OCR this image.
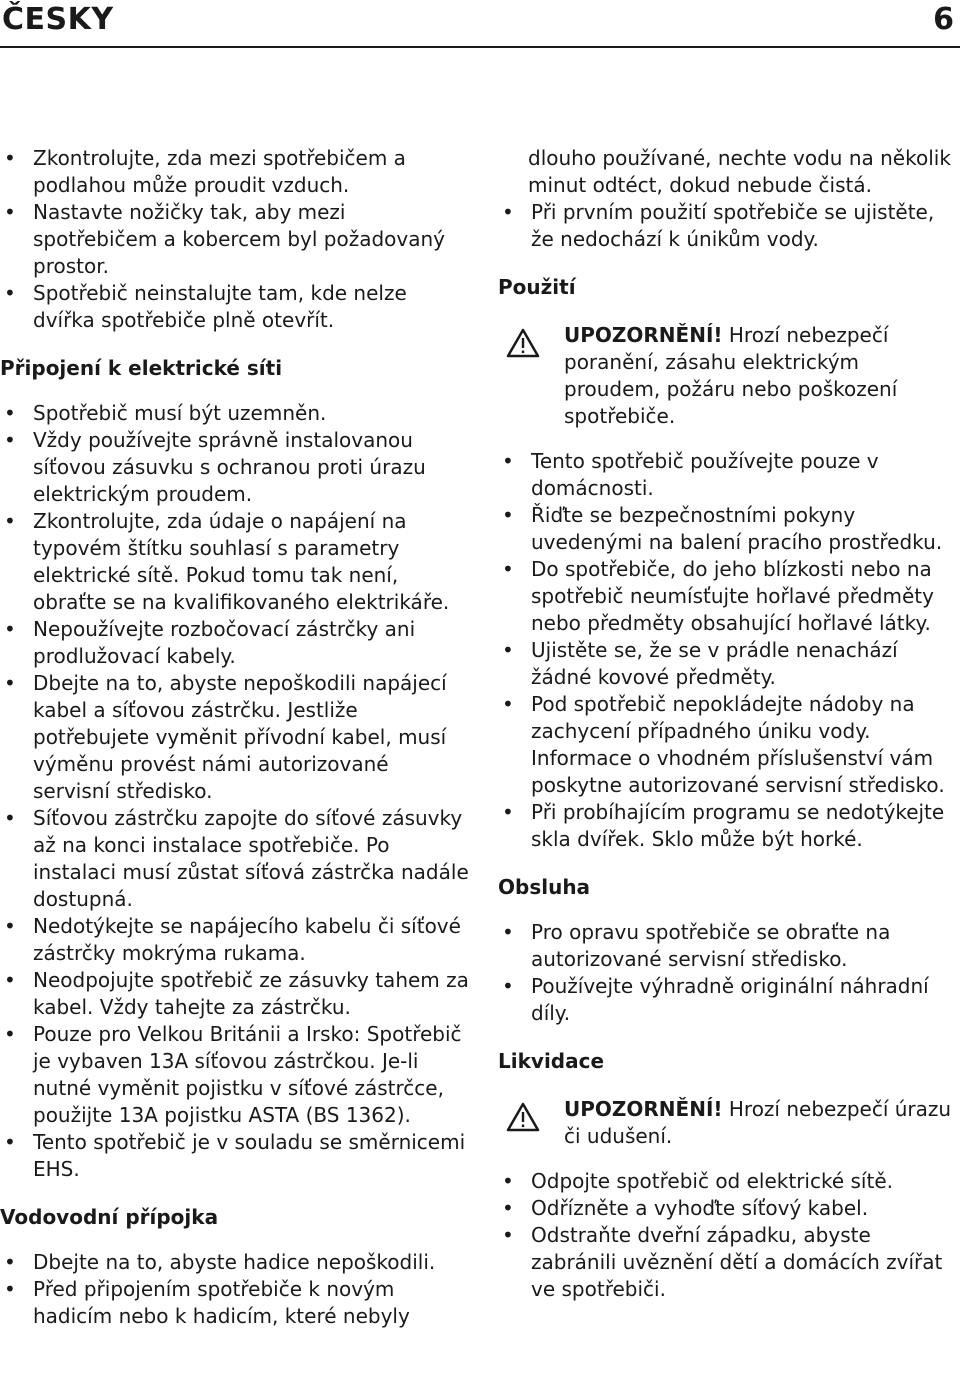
ČESKY	6
• Zkontrolujte, zda mezi spotřebičem a podlahou může proudit vzduch.
• Nastavte nožičky tak, aby mezi spotřebičem a kobercem byl požadovaný prostor.
• Spotřebič neinstalujte tam, kde nelze dvířka spotřebiče plně otevřít.
Připojení k elektrické síti
• Spotřebič musí být uzemněn.
• Vždy používejte správně instalovanou síťovou zásuvku s ochranou proti úrazu elektrickým proudem.
• Zkontrolujte, zda údaje o napájení na typovém štítku souhlasí s parametry elektrické sítě. Pokud tomu tak není, obraťte se na kvalifikovaného elektrikáře.
• Nepoužívejte rozbočovací zástrčky ani prodlužovací kabely.
• Dbejte na to, abyste nepoškodili napájecí kabel a síťovou zástrčku. Jestliže potřebujete vyměnit přívodní kabel, musí výměnu provést námi autorizované servisní středisko.
• Síťovou zástrčku zapojte do síťové zásuvky až na konci instalace spotřebiče. Po instalaci musí zůstat síťová zástrčka nadále dostupná.
• Nedotýkejte se napájecího kabelu či síťové zástrčky mokrýma rukama.
• Neodpojujte spotřebič ze zásuvky tahem za kabel. Vždy tahejte za zástrčku.
• Pouze pro Velkou Británii a Irsko: Spotřebič je vybaven 13A síťovou zástrčkou. Je-li nutné vyměnit pojistku v síťové zástrčce, použijte 13A pojistku ASTA (BS 1362).
• Tento spotřebič je v souladu se směrnicemi EHS.
Vodovodní přípojka
• Dbejte na to, abyste hadice nepoškodili.
• Před připojením spotřebiče k novým hadicím nebo k hadicím, které nebyly
dlouho používané, nechte vodu na několik minut odtéct, dokud nebude čistá.
• Při prvním použití spotřebiče se ujistěte, že nedochází k únikům vody.
Použití
UPOZORNĚNÍ! Hrozí nebezpečí poranění, zásahu elektrickým proudem, požáru nebo poškození spotřebiče.
• Tento spotřebič používejte pouze v domácnosti.
• Řiďte se bezpečnostními pokyny uvedenými na balení pracího prostředku.
• Do spotřebiče, do jeho blízkosti nebo na spotřebič neumísťujte hořlavé předměty nebo předměty obsahující hořlavé látky.
• Ujistěte se, že se v prádle nenachází žádné kovové předměty.
• Pod spotřebič nepokládejte nádoby na zachycení případného úniku vody. Informace o vhodném příslušenství vám poskytne autorizované servisní středisko.
• Při probíhajícím programu se nedotýkejte skla dvířek. Sklo může být horké.
Obsluha
• Pro opravu spotřebiče se obraťte na autorizované servisní středisko.
• Používejte výhradně originální náhradní díly.
Likvidace
UPOZORNĚNÍ! Hrozí nebezpečí úrazu či udušení.
• Odpojte spotřebič od elektrické sítě.
• Odřízněte a vyhoďte síťový kabel.
• Odstraňte dveřní západku, abyste zabránili uvěznění dětí a domácích zvířat ve spotřebiči.
